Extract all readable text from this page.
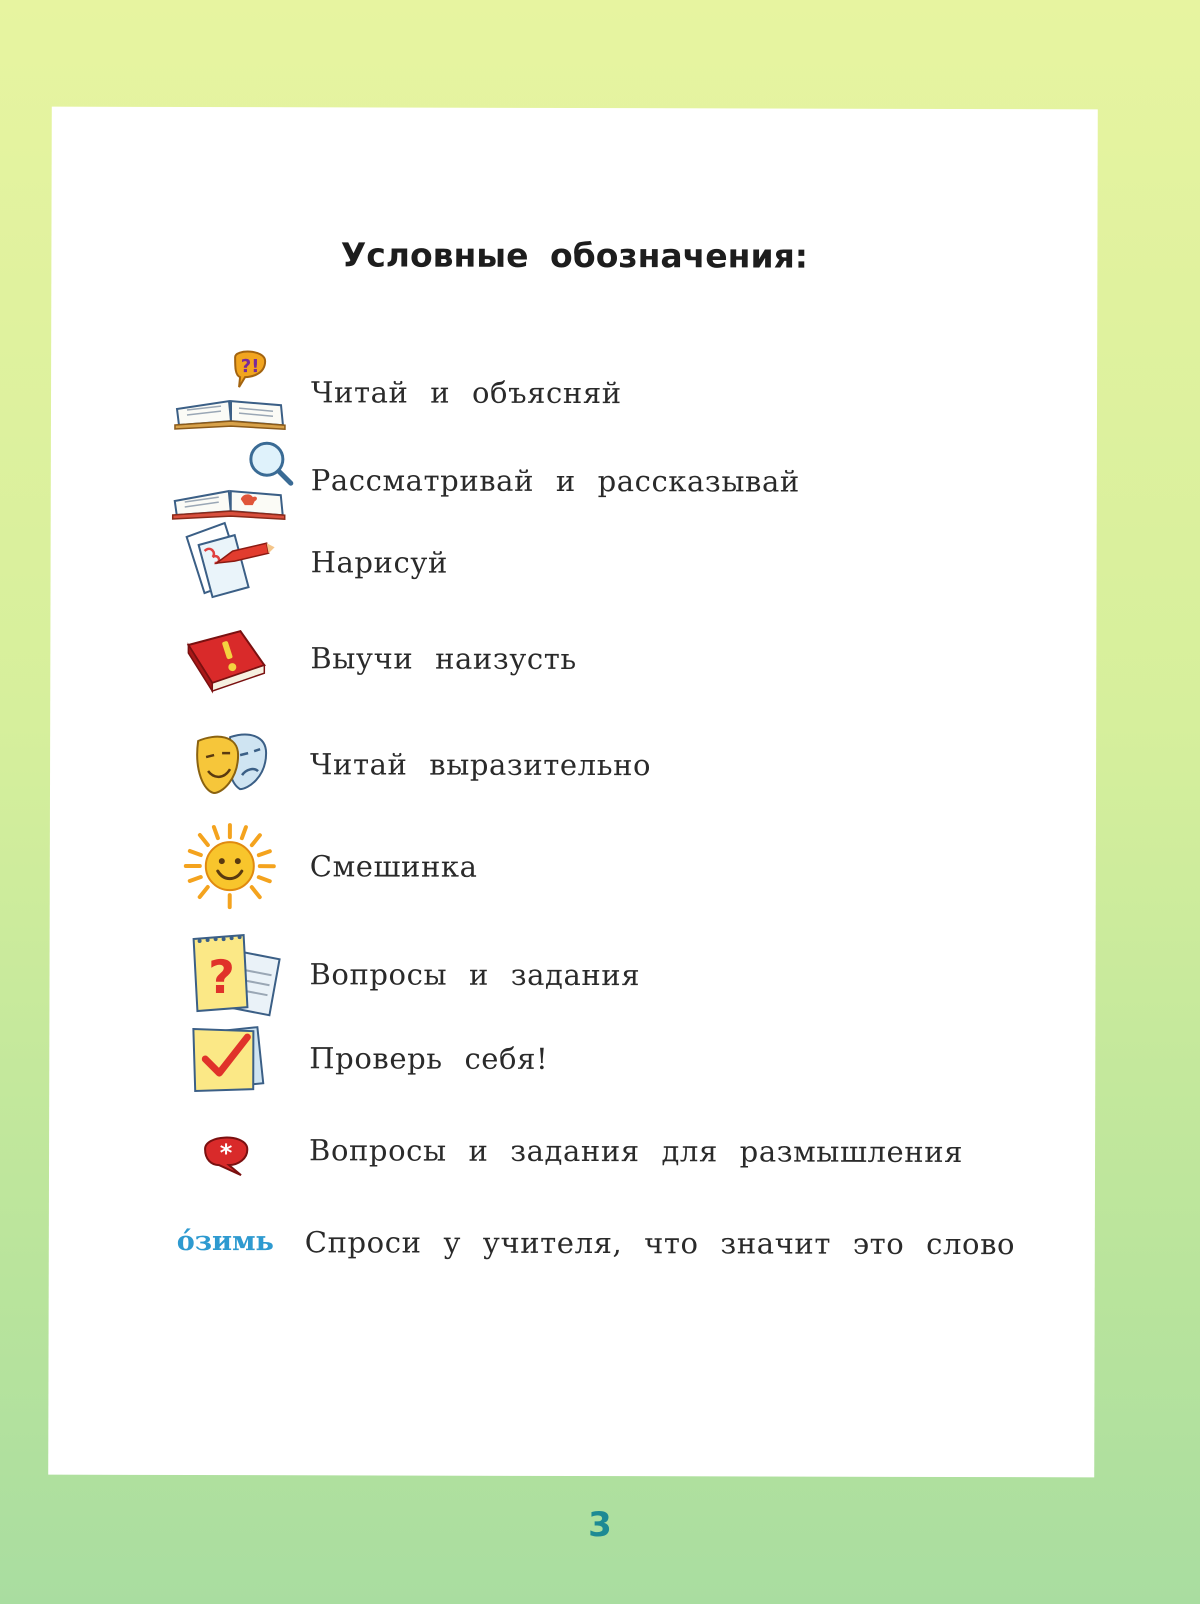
Условные обозначения:
?!
Читай и объясняй
Рассматривай и рассказывай
Нарисуй
Выучи наизусть
Читай выразительно
Смешинка
?	Вопросы и задания
Проверь себя!
*	Вопросы и задания для размышления
óзимь Спроси у учителя, что значит это слово
3
